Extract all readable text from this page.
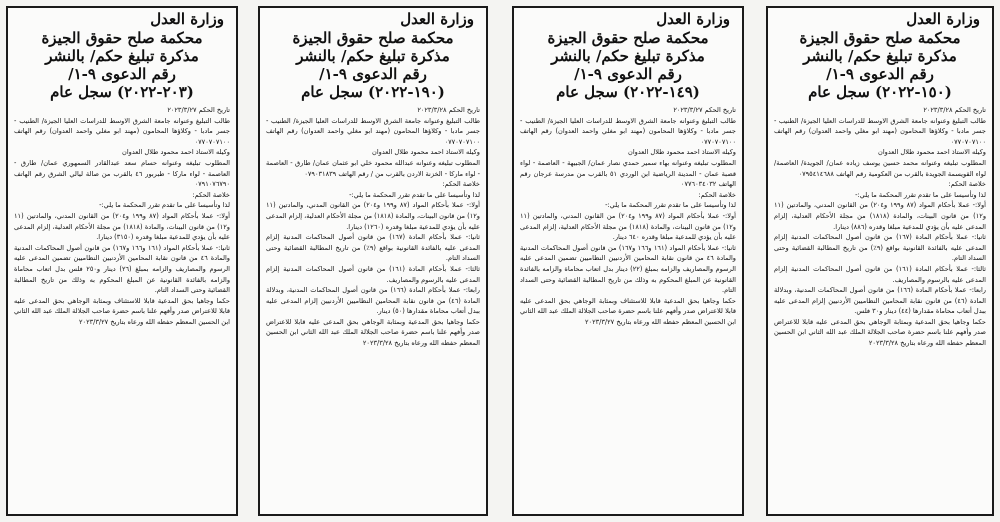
وزارة العدل
محكمة صلح حقوق الجيزة
مذكرة تبليغ حكم/ بالنشر
رقم الدعوى ٩-١/
(٢٠٣-٢٠٢٢) سجل عام

تاريخ الحكم ٢٠٢٣/٣/٢٧

طالب التبليغ وعنوانه جامعة الشرق الاوسط للدراسات العليا الجيزة/ الطنيب - جسر مادبا - وكلاؤها المحامون (مهند ابو مغلي واحمد العدوان) رقم الهاتف ٠٧٧٠٧٠٧١٠٠

وكيله الاستاذ احمد محمود طلال العدوان

المطلوب تبليغه وعنوانه حسام سعد عبدالقادر السمهوري عمان/ طارق - العاصمة - لواء ماركا - طبربور ٤٦ بالقرب من صالة ليالي الشرق رقم الهاتف ٠٧٩١٠٧٦٧٩٠

خلاصة الحكم:

لذا وتأسيسا على ما تقدم تقرر المحكمة ما يلي:-

أولا:- عملا بأحكام المواد (٨٧ و١٩٩ و٢٠٤) من القانون المدني، والمادتين (١١ و١٢) من قانون البينات، والمادة (١٨١٨) من مجلة الأحكام العدلية، إلزام المدعى عليه بأن يؤدي للمدعية مبلغا وقدره (٣١٥٠) دينارا.

ثانيا:- عملا بأحكام المواد (١٦١ و١٦٦ و١٦٧) من قانون أصول المحاكمات المدنية والمادة ٤٦ من قانون نقابة المحامين الأردنيين النظاميين تضمين المدعى عليه الرسوم والمصاريف والزامه بمبلغ (٢٦) دينار و٢٥٠ فلس بدل اتعاب محاماة والزامه بالفائدة القانونية عن المبلغ المحكوم به وذلك من تاريخ المطالبة القضائية وحتى السداد التام.

حكما وجاهيا بحق المدعية قابلا للاستئناف وبمثابة الوجاهي بحق المدعى عليه قابلا للاعتراض صدر وأفهم علنا باسم حضرة صاحب الجلالة الملك عبد الله الثاني ابن الحسين المعظم حفظه الله ورعاه بتاريخ ٢٠٢٣/٣/٢٧

وزارة العدل
محكمة صلح حقوق الجيزة
مذكرة تبليغ حكم/ بالنشر
رقم الدعوى ٩-١/
(١٩٠-٢٠٢٢) سجل عام

تاريخ الحكم ٢٠٢٣/٣/٢٨

طالب التبليغ وعنوانه جامعة الشرق الاوسط للدراسات العليا الجيزة/ الطنيب - جسر مادبا - وكلاؤها المحامون (مهند ابو مغلي واحمد العدوان) رقم الهاتف ٠٧٧٠٧٠٧١٠٠

وكيله الاستاذ احمد محمود طلال العدوان

المطلوب تبليغه وعنوانه عبدالله محمود خلي ابو عثمان عمان/ طارق - العاصمة - لواء ماركا - الخزنة الاردن بالقرب من / رقم الهاتف ٠٧٩٠٣١٨٣٩

خلاصة الحكم:

لذا وتأسيسا على ما تقدم تقرر المحكمة ما يلي:-

أولا:- عملا بأحكام المواد (٨٧ و١٩٩ و٢٠٤) من القانون المدني، والمادتين (١١ و١٢) من قانون البينات، والمادة (١٨١٨) من مجلة الأحكام العدلية، إلزام المدعى عليه بأن يؤدي للمدعية مبلغا وقدره (١٢٦٠) دينارا.

ثانيا:- عملا بأحكام المادة (١٦٧) من قانون أصول المحاكمات المدنية إلزام المدعى عليه بالفائدة القانونية بواقع (٩٪) من تاريخ المطالبة القضائية وحتى السداد التام.

ثالثا:- عملا بأحكام المادة (١٦١) من قانون أصول المحاكمات المدنية إلزام المدعى عليه بالرسوم والمصاريف.

رابعا:- عملا بأحكام المادة (١٦٦) من قانون أصول المحاكمات المدنية، وبدلالة المادة (٤٦) من قانون نقابة المحامين النظاميين الأردنيين إلزام المدعى عليه ببدل أتعاب محاماة مقدارها (٥٠) دينار.

حكما وجاهيا بحق المدعية وبمثابة الوجاهي بحق المدعى عليه قابلا للاعتراض صدر وأفهم علنا باسم حضرة صاحب الجلالة الملك عبد الله الثاني ابن الحسين المعظم حفظه الله ورعاه بتاريخ ٢٠٢٣/٣/٢٨

وزارة العدل
محكمة صلح حقوق الجيزة
مذكرة تبليغ حكم/ بالنشر
رقم الدعوى ٩-١/
(١٤٩-٢٠٢٢) سجل عام

تاريخ الحكم ٢٠٢٣/٣/٢٧

طالب التبليغ وعنوانه جامعة الشرق الاوسط للدراسات العليا الجيزة/ الطنيب - جسر مادبا - وكلاؤها المحامون (مهند ابو مغلي واحمد العدوان) رقم الهاتف ٠٧٧٠٧٠٧١٠٠

وكيله الاستاذ احمد محمود طلال العدوان

المطلوب تبليغه وعنوانه بهاء سمير حمدي نصار عمان/ الجبيهة - العاصمة - لواء قصبة عمان - المدينة الرياضية ابن الوردي ٥١ بالقرب من مدرسة عرجان رقم الهاتف ٠٧٧٦٠٣٤٠٣٢

خلاصة الحكم:

لذا وتأسيسا على ما تقدم تقرر المحكمة ما يلي:-

أولا:- عملا بأحكام المواد (٨٧ و١٩٩ و٢٠٤) من القانون المدني، والمادتين (١١ و١٢) من قانون البينات، والمادة (١٨١٨) من مجلة الأحكام العدلية، إلزام المدعى عليه بأن يؤدي للمدعية مبلغا وقدره ٦٤٠ دينار.

ثانيا:- عملا بأحكام المواد (١٦١ و١٦٦ و١٦٧) من قانون أصول المحاكمات المدنية والمادة ٤٦ من قانون نقابة المحامين الأردنيين النظاميين تضمين المدعى عليه الرسوم والمصاريف والزامه بمبلغ (٢٢) دينار بدل اتعاب محاماة والزامه بالفائدة القانونية عن المبلغ المحكوم به وذلك من تاريخ المطالبة القضائية وحتى السداد التام.

حكما وجاهيا بحق المدعية قابلا للاستئناف وبمثابة الوجاهي بحق المدعى عليه قابلا للاعتراض صدر وأفهم علنا باسم حضرة صاحب الجلالة الملك عبد الله الثاني ابن الحسين المعظم حفظه الله ورعاه بتاريخ ٢٠٢٣/٣/٢٧

وزارة العدل
محكمة صلح حقوق الجيزة
مذكرة تبليغ حكم/ بالنشر
رقم الدعوى ٩-١/
(١٥٠-٢٠٢٢) سجل عام

تاريخ الحكم ٢٠٢٣/٣/٢٨

طالب التبليغ وعنوانه جامعة الشرق الاوسط للدراسات العليا الجيزة/ الطنيب - جسر مادبا - وكلاؤها المحامون (مهند ابو مغلي واحمد العدوان) رقم الهاتف ٠٧٧٠٧٠٧١٠٠

وكيله الاستاذ احمد محمود طلال العدوان

المطلوب تبليغه وعنوانه محمد حسين يوسف زياده عمان/ الجويدة/ العاصمة/ لواء القويسمة الجويدة بالقرب من العكومية رقم الهاتف ٠٧٩٥٤١٤٦٨٨

خلاصة الحكم:

لذا وتأسيسا على ما تقدم تقرر المحكمة ما يلي:-

أولا:- عملا بأحكام المواد (٨٧ و١٩٩ و٢٠٤) من القانون المدني، والمادتين (١١ و١٢) من قانون البينات، والمادة (١٨١٨) من مجلة الأحكام العدلية، إلزام المدعى عليه بأن يؤدي للمدعية مبلغا وقدره (٨٨٦) دينارا.

ثانيا:- عملا بأحكام المادة (١٦٧) من قانون أصول المحاكمات المدنية إلزام المدعى عليه بالفائدة القانونية بواقع (٩٪) من تاريخ المطالبة القضائية وحتى السداد التام.

ثالثا:- عملا بأحكام المادة (١٦١) من قانون أصول المحاكمات المدنية إلزام المدعى عليه بالرسوم والمصاريف.

رابعا:- عملا بأحكام المادة (١٦٦) من قانون أصول المحاكمات المدنية، وبدلالة المادة (٤٦) من قانون نقابة المحامين النظاميين الأردنيين إلزام المدعى عليه ببدل أتعاب محاماة مقدارها (٤٤) دينار و٣٠ فلس.

حكما وجاهيا بحق المدعية وبمثابة الوجاهي بحق المدعى عليه قابلا للاعتراض صدر وأفهم علنا باسم حضرة صاحب الجلالة الملك عبد الله الثاني ابن الحسين المعظم حفظه الله ورعاه بتاريخ ٢٠٢٣/٣/٢٨
